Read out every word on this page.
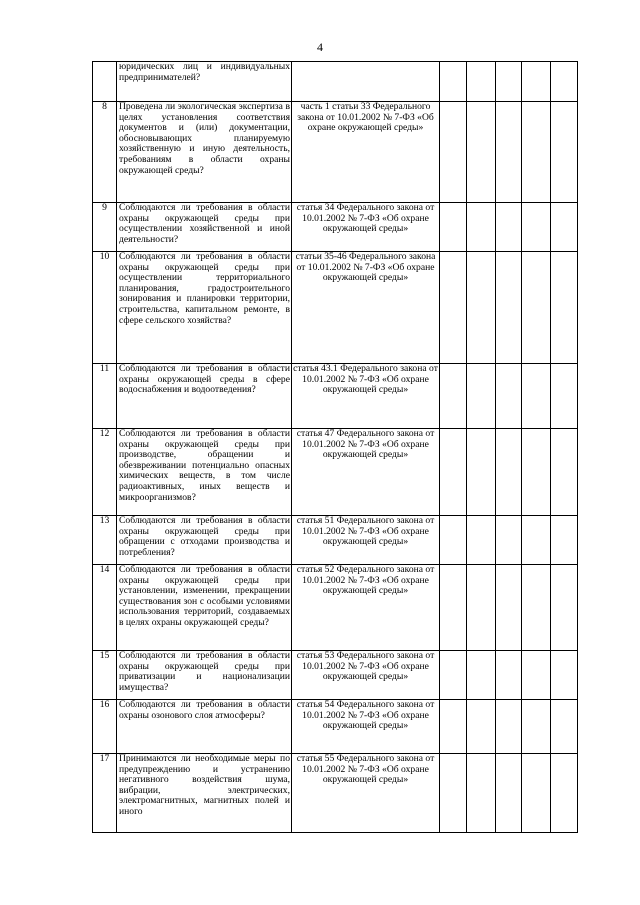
4
	юридических лиц и индивидуальных предпринимателей?						
8	Проведена ли экологическая экспертиза в целях установления соответствия документов и (или) документации, обосновывающих планируемую хозяйственную и иную деятельность, требованиям в области охраны окружающей среды?	часть 1 статьи 33 Федерального закона от 10.01.2002 № 7-ФЗ «Об охране окружающей среды»					
9	Соблюдаются ли требования в области охраны окружающей среды при осуществлении хозяйственной и иной деятельности?	статья 34 Федерального закона от 10.01.2002 № 7-ФЗ «Об охране окружающей среды»					
10	Соблюдаются ли требования в области охраны окружающей среды при осуществлении территориального планирования, градостроительного зонирования и планировки территории, строительства, капитальном ремонте, в сфере сельского хозяйства?	статьи 35-46 Федерального закона от 10.01.2002 № 7-ФЗ «Об охране окружающей среды»					
11	Соблюдаются ли требования в области охраны окружающей среды в сфере водоснабжения и водоотведения?	статья 43.1 Федерального закона от 10.01.2002 № 7-ФЗ «Об охране окружающей среды»					
12	Соблюдаются ли требования в области охраны окружающей среды при производстве, обращении и обезвреживании потенциально опасных химических веществ, в том числе радиоактивных, иных веществ и микроорганизмов?	статья 47 Федерального закона от 10.01.2002 № 7-ФЗ «Об охране окружающей среды»					
13	Соблюдаются ли требования в области охраны окружающей среды при обращении с отходами производства и потребления?	статья 51 Федерального закона от 10.01.2002 № 7-ФЗ «Об охране окружающей среды»					
14	Соблюдаются ли требования в области охраны окружающей среды при установлении, изменении, прекращении существования зон с особыми условиями использования территорий, создаваемых в целях охраны окружающей среды?	статья 52 Федерального закона от 10.01.2002 № 7-ФЗ «Об охране окружающей среды»					
15	Соблюдаются ли требования в области охраны окружающей среды при приватизации и национализации имущества?	статья 53 Федерального закона от 10.01.2002 № 7-ФЗ «Об охране окружающей среды»					
16	Соблюдаются ли требования в области охраны озонового слоя атмосферы?	статья 54 Федерального закона от 10.01.2002 № 7-ФЗ «Об охране окружающей среды»					
17	Принимаются ли необходимые меры по предупреждению и устранению негативного воздействия шума, вибрации, электрических, электромагнитных, магнитных полей и иного	статья 55 Федерального закона от 10.01.2002 № 7-ФЗ «Об охране окружающей среды»					
